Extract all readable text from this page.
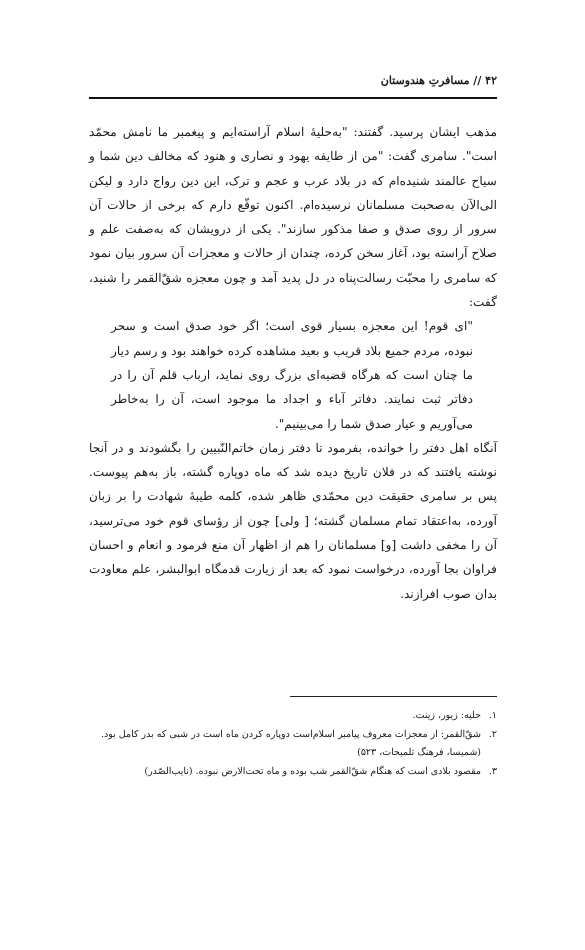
۴۲ // مسافرتِ هندوستان

مذهب ایشان پرسید. گفتند: "به‌حلیهٔ اسلام آراسته‌ایم و پیغمبر ما نامش محمّد است". سامری گفت: "من از طایفه یهود و نصاری و هنود که مخالف دین شما و سیاح عالمند شنیده‌ام که در بلاد عرب و عجم و ترک، این دین رواج دارد و لیکن الی‌الآن به‌صحبت مسلمانان نرسیده‌ام. اکنون توقّع دارم که برخی از حالات آن سرور از روی صدق و صفا مذکور سازند". یکی از درویشان که به‌صفت علم و صلاح آراسته بود، آغاز سخن کرده، چندان از حالات و معجزات آن سرور بیان نمود که سامری را محبّت رسالت‌پناه در دل پدید آمد و چون معجزه شقّ‌القمر را شنید، گفت:

"ای قوم! این معجزه بسیار قوی است؛ اگر خود صدق است و سحر نبوده، مردم جمیع بلاد قریب و بعید مشاهده کرده خواهند بود و رسم دیار ما چنان است که هرگاه قضیه‌ای بزرگ روی نماید، ارباب قلم آن را در دفاتر ثبت نمایند. دفاتر آباء و اجداد ما موجود است، آن را به‌خاطر می‌آوریم و عیار صدق شما را می‌بینیم".

آنگاه اهل دفتر را خوانده، بفرمود تا دفتر زمان خاتم‌النّبیین را بگشودند و در آنجا نوشته یافتند که در فلان تاریخ دیده شد که ماه دوپاره گشته، باز به‌هم پیوست. پس بر سامری حقیقت دین محمّدی ظاهر شده، کلمه طیبهٔ شهادت را بر زبان آورده، به‌اعتقاد تمام مسلمان گشته؛ [ ولی] چون از رؤسای قوم خود می‌ترسید، آن را مخفی داشت [و] مسلمانان را هم از اظهار آن منع فرمود و انعام و احسان فراوان بجا آورده، درخواست نمود که بعد از زیارت قدمگاه ابوالبشر، علم معاودت بدان صوب افرازند.

۱.
حلیه: زیور، زینت.
۲.
شقّ‌القمر: از معجزات معروف پیامبر اسلام‌است دوپاره کردن ماه است در شبی که بدر کامل بود. (شمیسا، فرهنگ تلمیحات، ۵۲۳)
۳.
مقصود بلادی است که هنگام شقّ‌القمر شب بوده و ماه تحت‌الارض نبوده. (نایب‌الصّدر)
